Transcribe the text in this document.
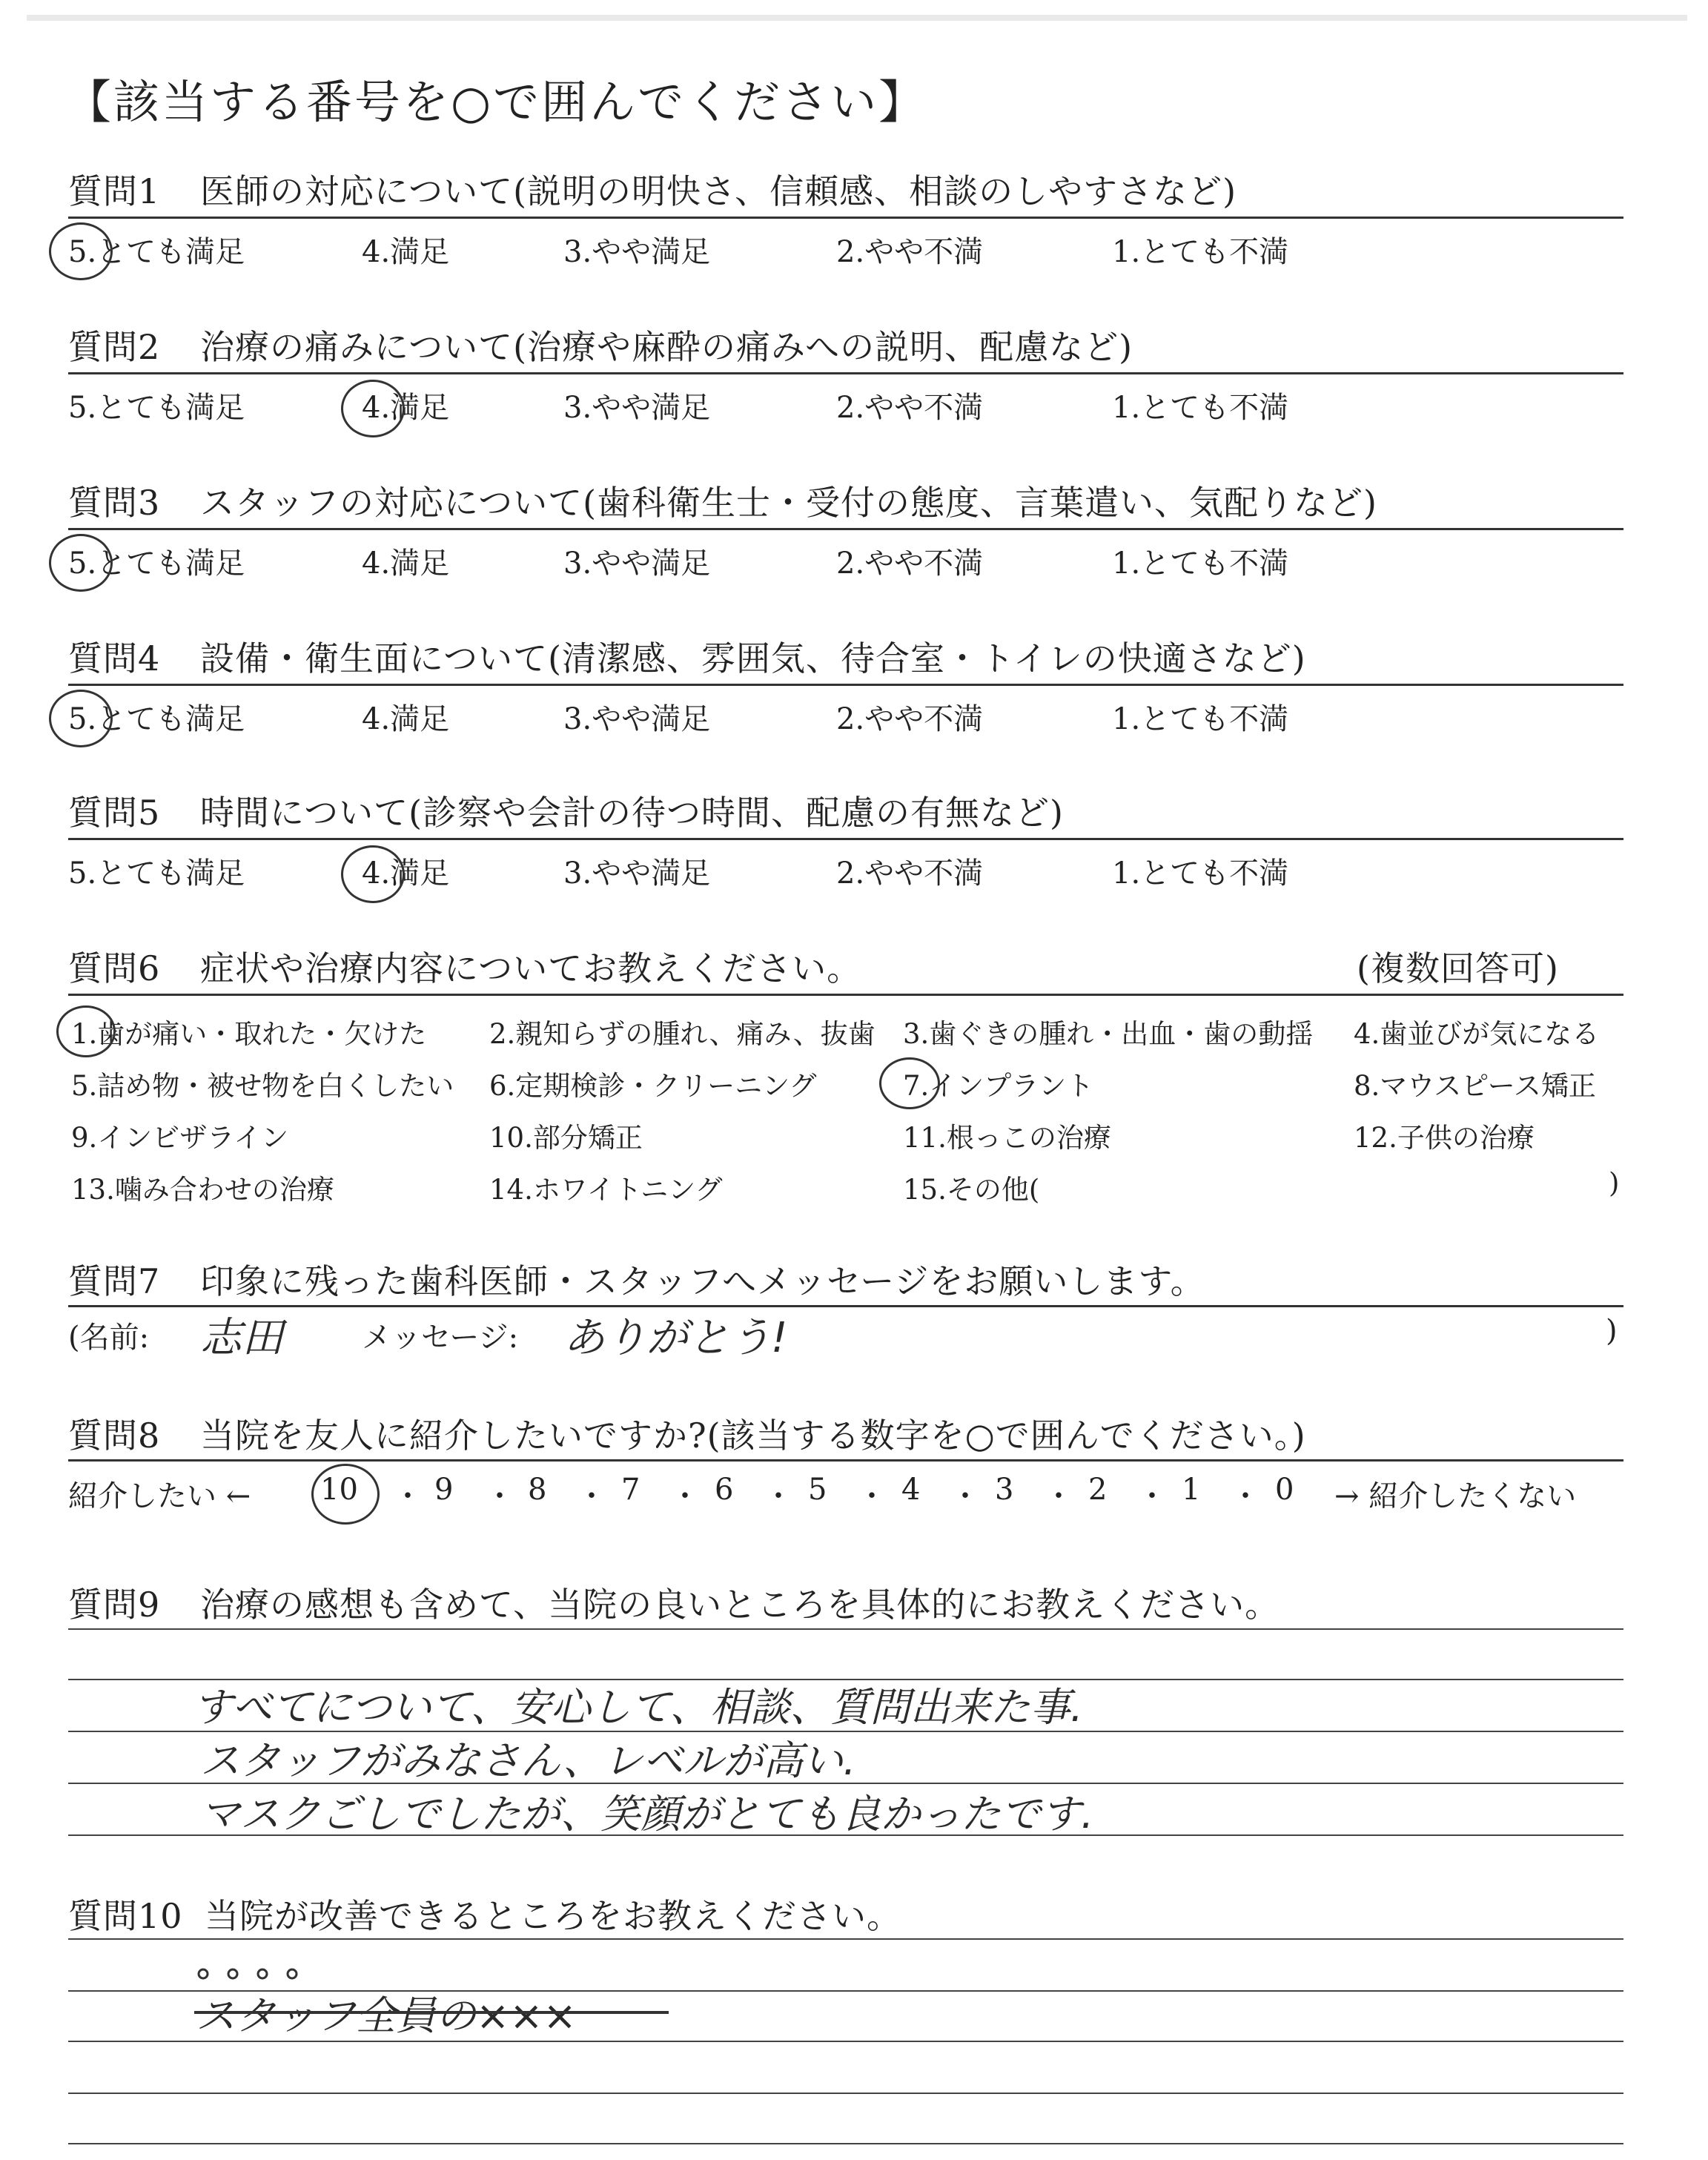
【該当する番号を○で囲んでください】
質問1 医師の対応について(説明の明快さ、信頼感、相談のしやすさなど)
5.とても満足	4.満足	3.やや満足	2.やや不満	1.とても不満
質問2 治療の痛みについて(治療や麻酔の痛みへの説明、配慮など)
5.とても満足	4.満足	3.やや満足	2.やや不満	1.とても不満
質問3 スタッフの対応について(歯科衛生士・受付の態度、言葉遣い、気配りなど)
5.とても満足	4.満足	3.やや満足	2.やや不満	1.とても不満
質問4 設備・衛生面について(清潔感、雰囲気、待合室・トイレの快適さなど)
5.とても満足	4.満足	3.やや満足	2.やや不満	1.とても不満
質問5 時間について(診察や会計の待つ時間、配慮の有無など)
5.とても満足	4.満足	3.やや満足	2.やや不満	1.とても不満
質問6 症状や治療内容についてお教えください。	(複数回答可)
1.歯が痛い・取れた・欠けた 2.親知らずの腫れ、痛み、抜歯 3.歯ぐきの腫れ・出血・歯の動揺 4.歯並びが気になる
5.詰め物・被せ物を白くしたい 6.定期検診・クリーニング	7.インプラント	8.マウスピース矯正
9.インビザライン	10.部分矯正	11.根っこの治療	12.子供の治療
13.噛み合わせの治療	14.ホワイトニング	15.その他(	)
質問7 印象に残った歯科医師・スタッフへメッセージをお願いします。
(名前: 志田	メッセージ: ありがとう!	)
質問8 当院を友人に紹介したいですか?(該当する数字を○で囲んでください。)
紹介したい ← 10 ・ 9 ・ 8 ・ 7 ・ 6 ・ 5 ・ 4 ・ 3 ・ 2 ・ 1 ・ 0 → 紹介したくない
質問9 治療の感想も含めて、当院の良いところを具体的にお教えください。
すべてについて、安心して、相談、質問出来た事.
スタッフがみなさん、レベルが高い.
マスクごしでしたが、笑顔がとても良かったです.
質問10 当院が改善できるところをお教えください。
スタッフ全員の×××
